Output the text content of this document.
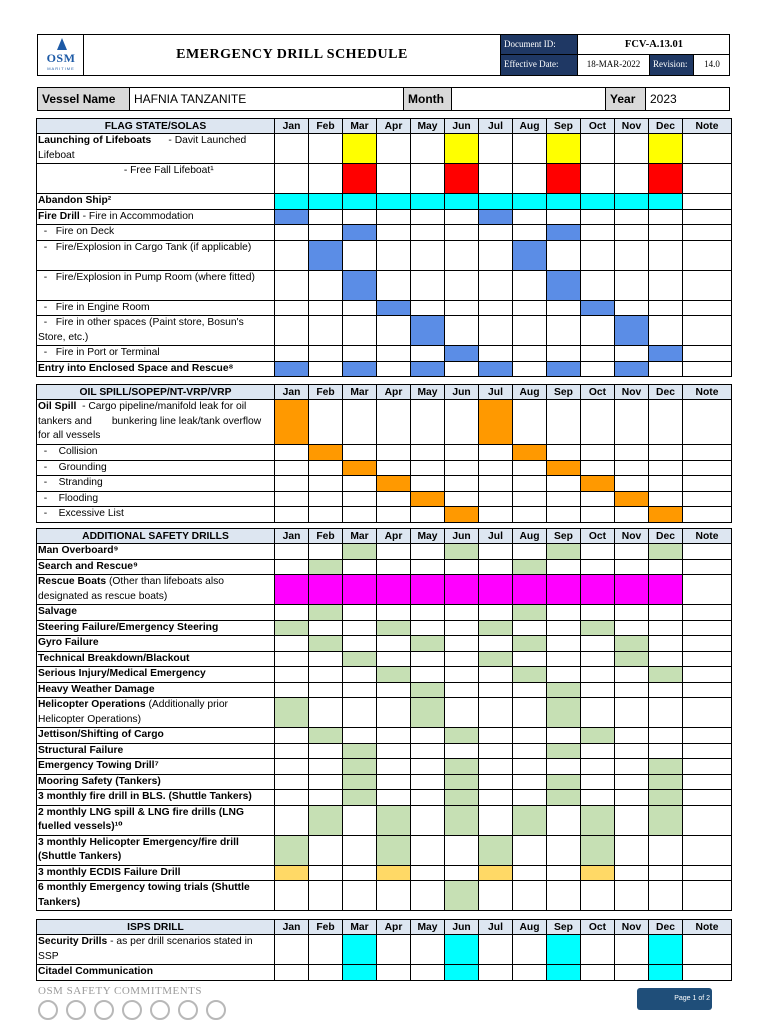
OSM
MARITIME
EMERGENCY DRILL SCHEDULE
Document ID:	FCV-A.13.01
Effective Date:	18-MAR-2022	Revision:	14.0
Vessel Name	HAFNIA TANZANITE	Month	Year	2023
FLAG STATE/SOLAS	Jan	Feb	Mar	Apr	May	Jun	Jul	Aug	Sep	Oct	Nov	Dec	Note
Launching of Lifeboats      - Davit Launched Lifeboat													
- Free Fall Lifeboat¹													
Abandon Ship²													
Fire Drill - Fire in Accommodation													
-   Fire on Deck													
-   Fire/Explosion in Cargo Tank (if applicable)													
-   Fire/Explosion in Pump Room (where fitted)													
-   Fire in Engine Room													
-   Fire in other spaces (Paint store, Bosun's Store, etc.)													
-   Fire in Port or Terminal													
Entry into Enclosed Space and Rescue⁸													
OIL SPILL/SOPEP/NT-VRP/VRP	Jan	Feb	Mar	Apr	May	Jun	Jul	Aug	Sep	Oct	Nov	Dec	Note
Oil Spill  - Cargo pipeline/manifold leak for oil tankers and       bunkering line leak/tank overflow for all vessels													
-    Collision													
-    Grounding													
-    Stranding													
-    Flooding													
-    Excessive List													
ADDITIONAL SAFETY DRILLS	Jan	Feb	Mar	Apr	May	Jun	Jul	Aug	Sep	Oct	Nov	Dec	Note
Man Overboard⁹													
Search and Rescue⁹													
Rescue Boats (Other than lifeboats also designated as rescue boats)													
Salvage													
Steering Failure/Emergency Steering													
Gyro Failure													
Technical Breakdown/Blackout													
Serious Injury/Medical Emergency													
Heavy Weather Damage													
Helicopter Operations (Additionally prior Helicopter Operations)													
Jettison/Shifting of Cargo													
Structural Failure													
Emergency Towing Drill⁷													
Mooring Safety (Tankers)													
3 monthly fire drill in BLS. (Shuttle Tankers)													
2 monthly LNG spill & LNG fire drills (LNG fuelled vessels)¹⁰													
3 monthly Helicopter Emergency/fire drill (Shuttle Tankers)													
3 monthly ECDIS Failure Drill													
6 monthly Emergency towing trials (Shuttle Tankers)													
ISPS DRILL	Jan	Feb	Mar	Apr	May	Jun	Jul	Aug	Sep	Oct	Nov	Dec	Note
Security Drills - as per drill scenarios stated in SSP													
Citadel Communication													
OSM SAFETY COMMITMENTS
Page 1 of 2
